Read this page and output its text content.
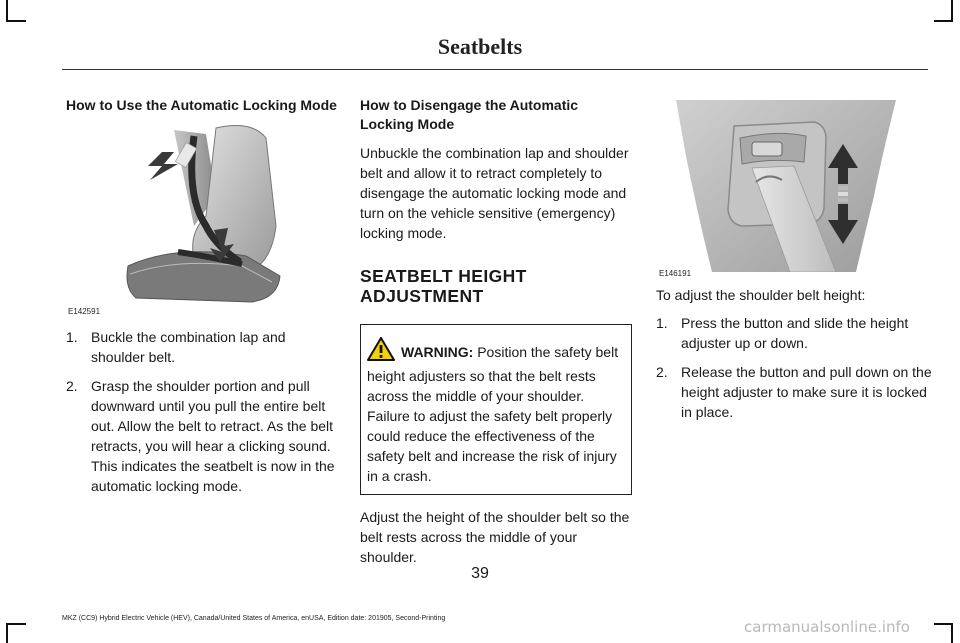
Seatbelts

How to Use the Automatic Locking Mode

E142591
1. Buckle the combination lap and shoulder belt.
2. Grasp the shoulder portion and pull downward until you pull the entire belt out. Allow the belt to retract. As the belt retracts, you will hear a clicking sound. This indicates the seatbelt is now in the automatic locking mode.

How to Disengage the Automatic Locking Mode

Unbuckle the combination lap and shoulder belt and allow it to retract completely to disengage the automatic locking mode and turn on the vehicle sensitive (emergency) locking mode.

SEATBELT HEIGHT ADJUSTMENT

WARNING: Position the safety belt height adjusters so that the belt rests across the middle of your shoulder. Failure to adjust the safety belt properly could reduce the effectiveness of the safety belt and increase the risk of injury in a crash.

Adjust the height of the shoulder belt so the belt rests across the middle of your shoulder.

E146191

To adjust the shoulder belt height:

1. Press the button and slide the height adjuster up or down.
2. Release the button and pull down on the height adjuster to make sure it is locked in place.
39
MKZ (CC9) Hybrid Electric Vehicle (HEV), Canada/United States of America, enUSA, Edition date: 201905, Second-Printing	carmanualsonline.info
